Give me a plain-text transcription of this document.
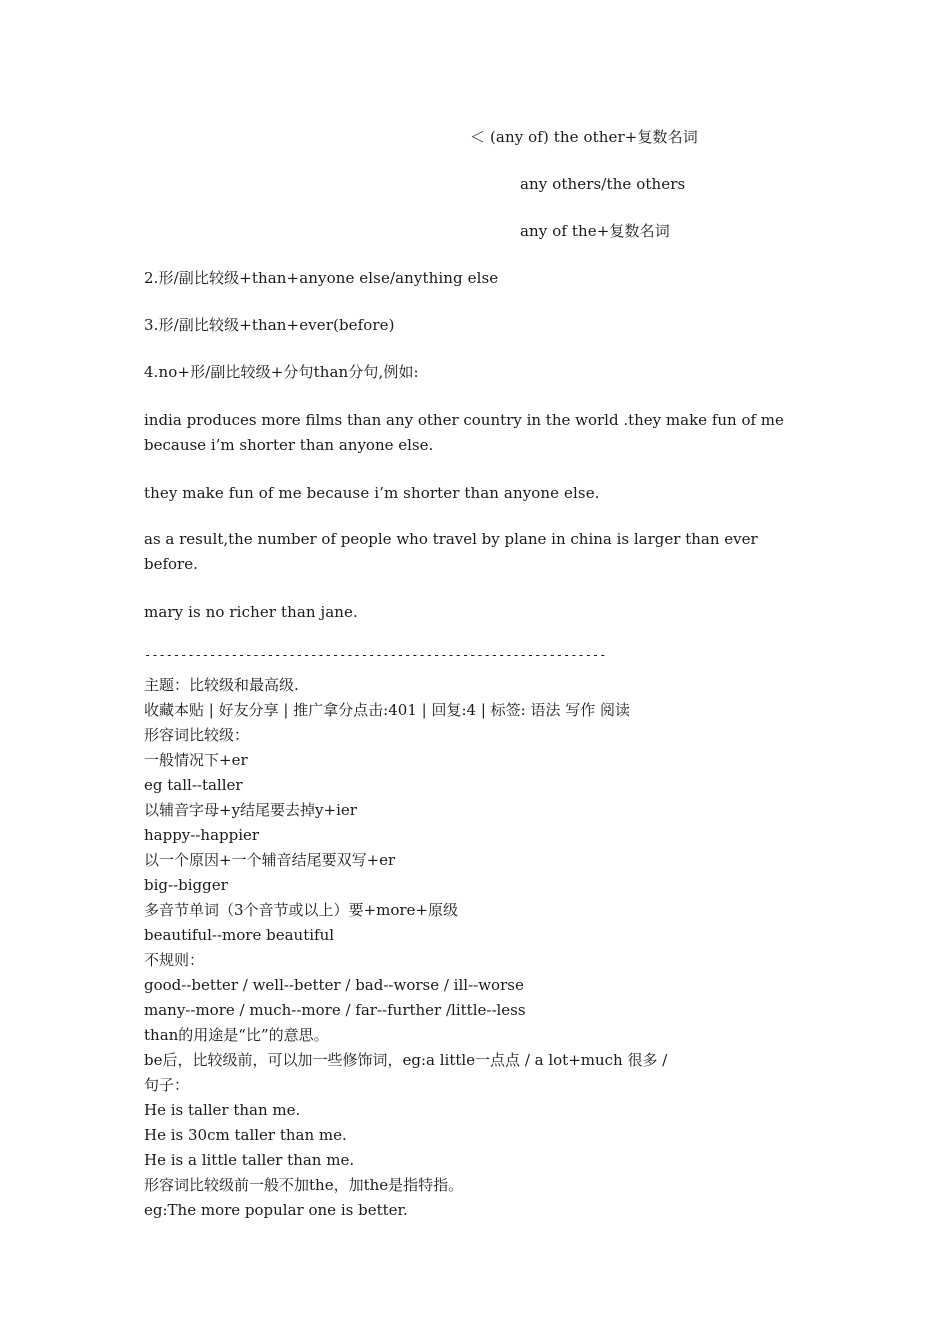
＜ (any of) the other+复数名词
any others/the others
any of the+复数名词
2.形/副比较级+than+anyone else/anything else
3.形/副比较级+than+ever(before)
4.no+形/副比较级+分句than分句,例如:
india produces more films than any other country in the world .they make fun of me because i’m shorter than anyone else.
they make fun of me because i’m shorter than anyone else.
as a result,the number of people who travel by plane in china is larger than ever before.
mary is no richer than jane.
----------------------------------------------------------------
主题：比较级和最高级.
收藏本贴 | 好友分享 | 推广拿分点击:401 | 回复:4 | 标签: 语法 写作 阅读
形容词比较级：
一般情况下+er
eg tall--taller
以辅音字母+y结尾要去掉y+ier
happy--happier
以一个原因+一个辅音结尾要双写+er
big--bigger
多音节单词（3个音节或以上）要+more+原级
beautiful--more beautiful
不规则：
good--better / well--better / bad--worse / ill--worse
many--more / much--more / far--further /little--less
than的用途是“比”的意思。
be后，比较级前，可以加一些修饰词，eg:a little一点点 / a lot+much 很多 /
句子：
He is taller than me.
He is 30cm taller than me.
He is a little taller than me.
形容词比较级前一般不加the，加the是指特指。
eg:The more popular one is better.
